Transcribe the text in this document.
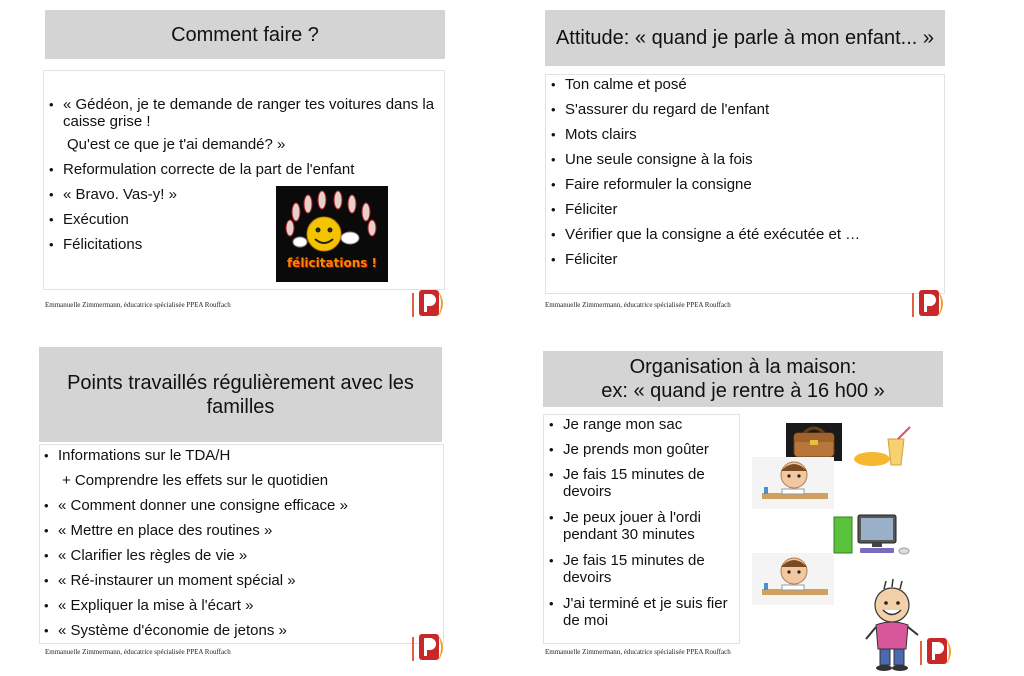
Comment faire ?
• « Gédéon, je te demande de ranger tes voitures dans la caisse grise !
Qu'est ce que je t'ai demandé? »
• Reformulation correcte de la part de l'enfant
• « Bravo. Vas-y! »
• Exécution
• Félicitations
félicitations !
Emmanuelle Zimmermann, éducatrice spécialisée PPEA Rouffach
Attitude: « quand je parle à mon enfant... »
• Ton calme et posé
• S'assurer du regard de l'enfant
• Mots clairs
• Une seule consigne à la fois
• Faire reformuler la consigne
• Féliciter
• Vérifier que la consigne a été exécutée et …
• Féliciter
Emmanuelle Zimmermann, éducatrice spécialisée PPEA Rouffach
Points travaillés régulièrement avec les familles
• Informations sur le TDA/H
+ Comprendre les effets sur le quotidien
• « Comment donner une consigne efficace »
• « Mettre en place des routines »
• « Clarifier les règles de vie »
• « Ré-instaurer un moment spécial »
• « Expliquer la mise à l'écart »
• « Système d'économie de jetons »
Emmanuelle Zimmermann, éducatrice spécialisée PPEA Rouffach
Organisation à la maison:
ex: « quand je rentre à 16 h00 »
• Je range mon sac
• Je prends mon goûter
• Je fais 15 minutes de devoirs
• Je peux jouer à l'ordi pendant 30 minutes
• Je fais 15 minutes de devoirs
• J'ai terminé et je suis fier de moi
Emmanuelle Zimmermann, éducatrice spécialisée PPEA Rouffach
